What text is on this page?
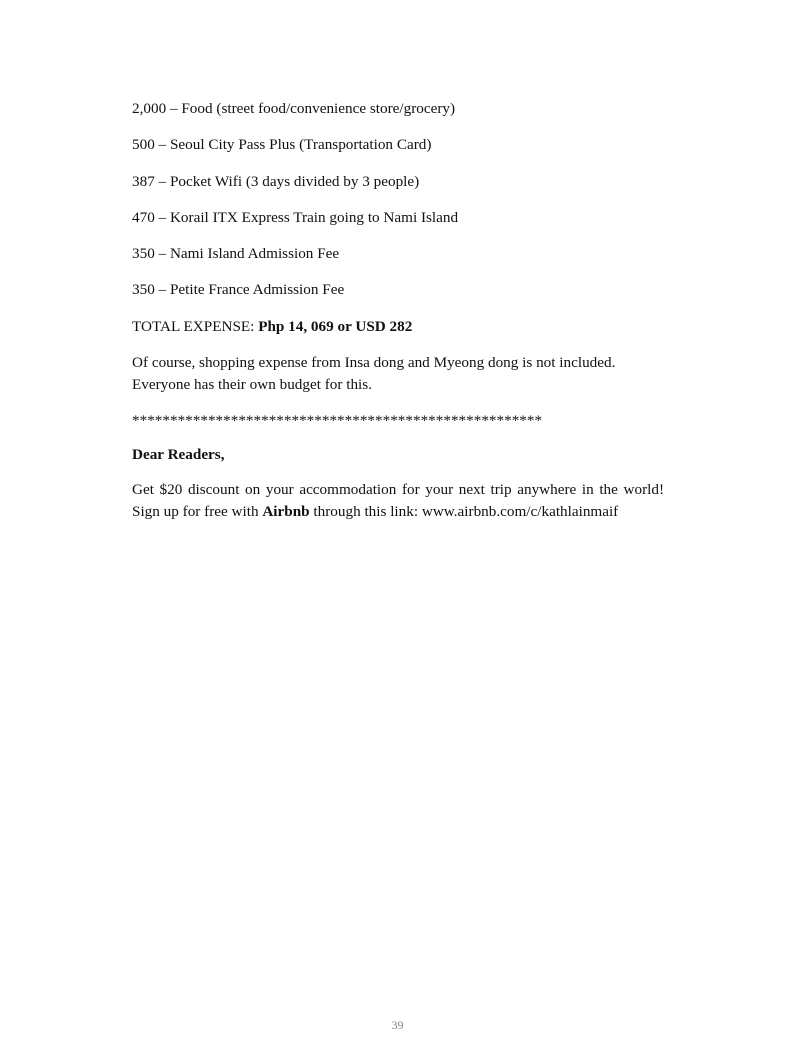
2,000 – Food (street food/convenience store/grocery)
500 – Seoul City Pass Plus (Transportation Card)
387 – Pocket Wifi (3 days divided by 3 people)
470 – Korail ITX Express Train going to Nami Island
350 – Nami Island Admission Fee
350 – Petite France Admission Fee

TOTAL EXPENSE: Php 14, 069 or USD 282

Of course, shopping expense from Insa dong and Myeong dong is not included. Everyone has their own budget for this.

******************************************************

Dear Readers,

Get $20 discount on your accommodation for your next trip anywhere in the world! Sign up for free with Airbnb through this link: www.airbnb.com/c/kathlainmaif

39
